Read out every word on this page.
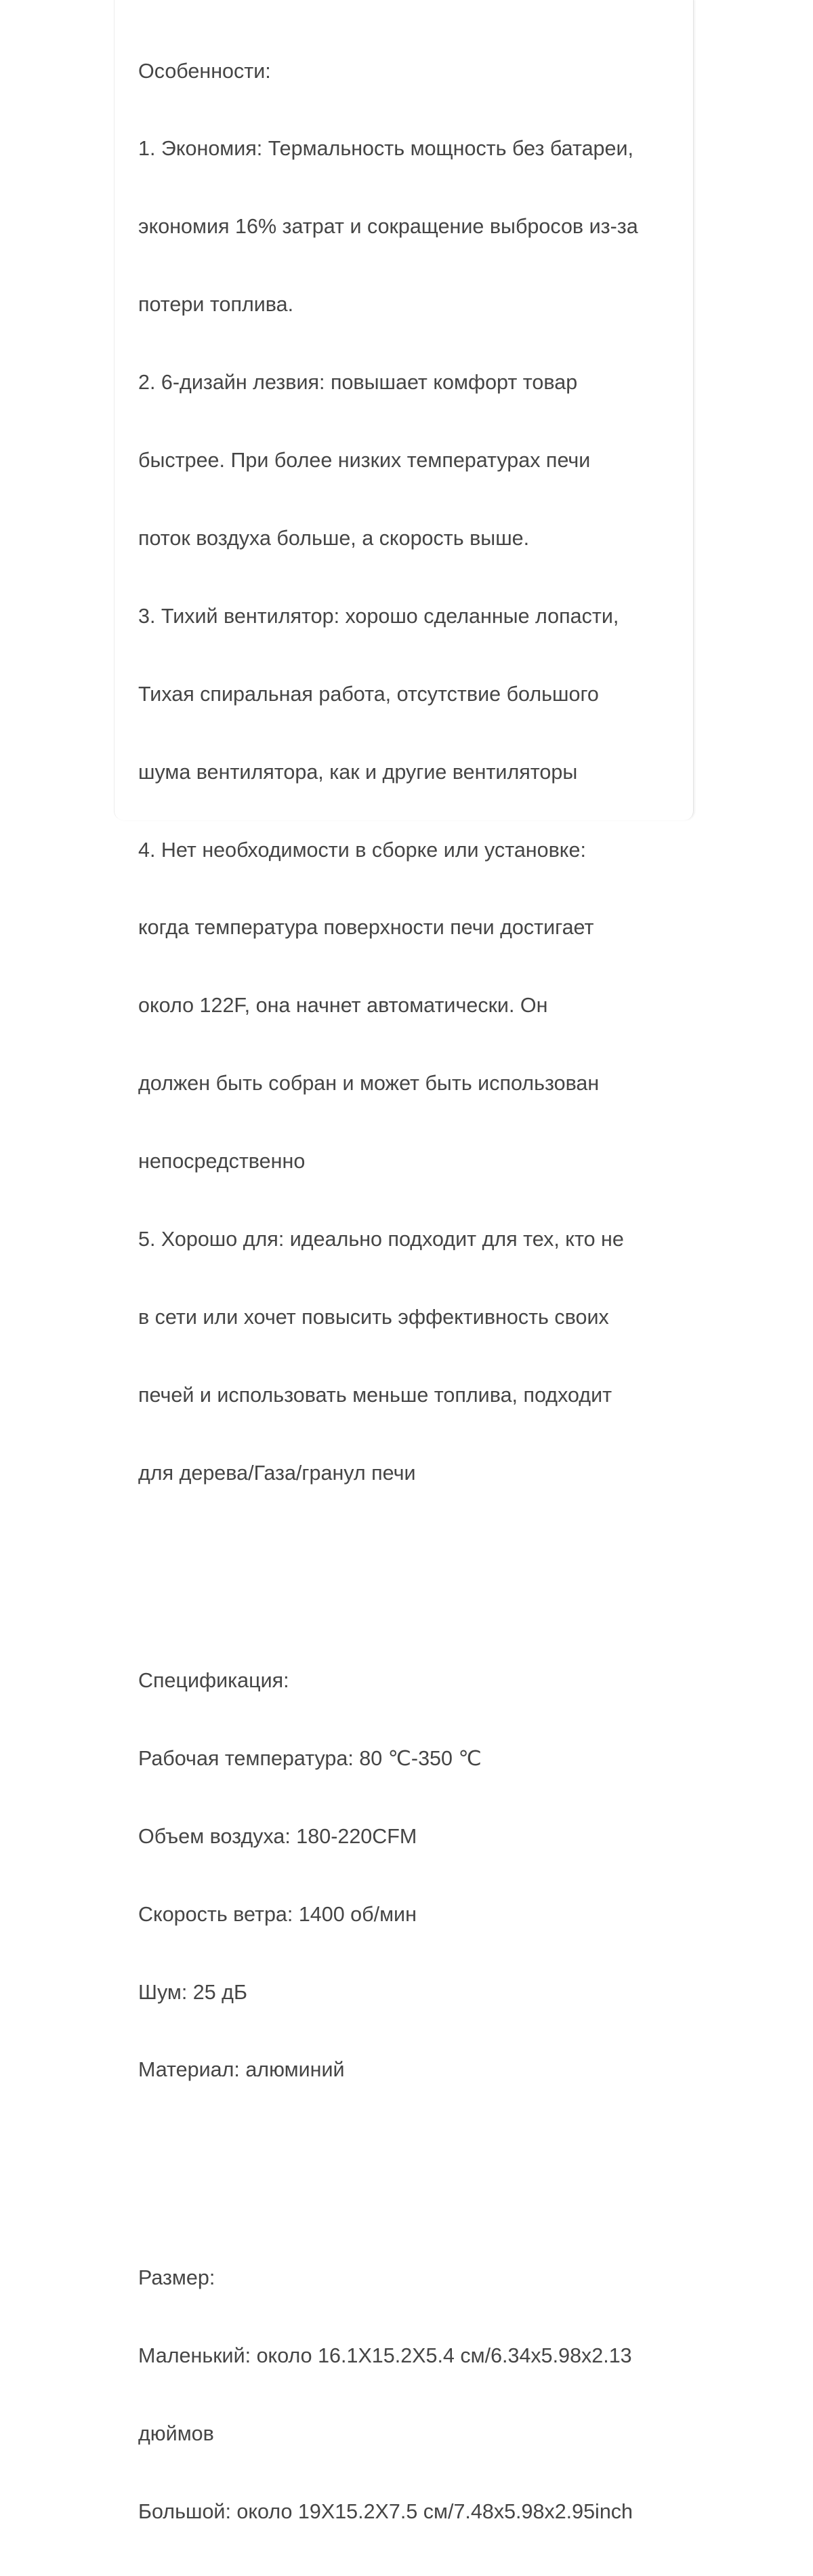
Особенности:

1. Экономия: Термальность мощность без батареи,

экономия 16% затрат и сокращение выбросов из-за

потери топлива.

2. 6-дизайн лезвия: повышает комфорт товар

быстрее. При более низких температурах печи

поток воздуха больше, а скорость выше.

3. Тихий вентилятор: хорошо сделанные лопасти,

Тихая спиральная работа, отсутствие большого

шума вентилятора, как и другие вентиляторы

4. Нет необходимости в сборке или установке:

когда температура поверхности печи достигает

около 122F, она начнет автоматически. Он

должен быть собран и может быть использован

непосредственно

5. Хорошо для: идеально подходит для тех, кто не

в сети или хочет повысить эффективность своих

печей и использовать меньше топлива, подходит

для дерева/Газа/гранул печи

Спецификация:

Рабочая температура: 80 ℃-350 ℃

Объем воздуха: 180-220CFM

Скорость ветра: 1400 об/мин

Шум: 25 дБ

Материал: алюминий

Размер:

Маленький: около 16.1X15.2X5.4 см/6.34x5.98x2.13

дюймов

Большой: около 19X15.2X7.5 см/7.48x5.98x2.95inch
